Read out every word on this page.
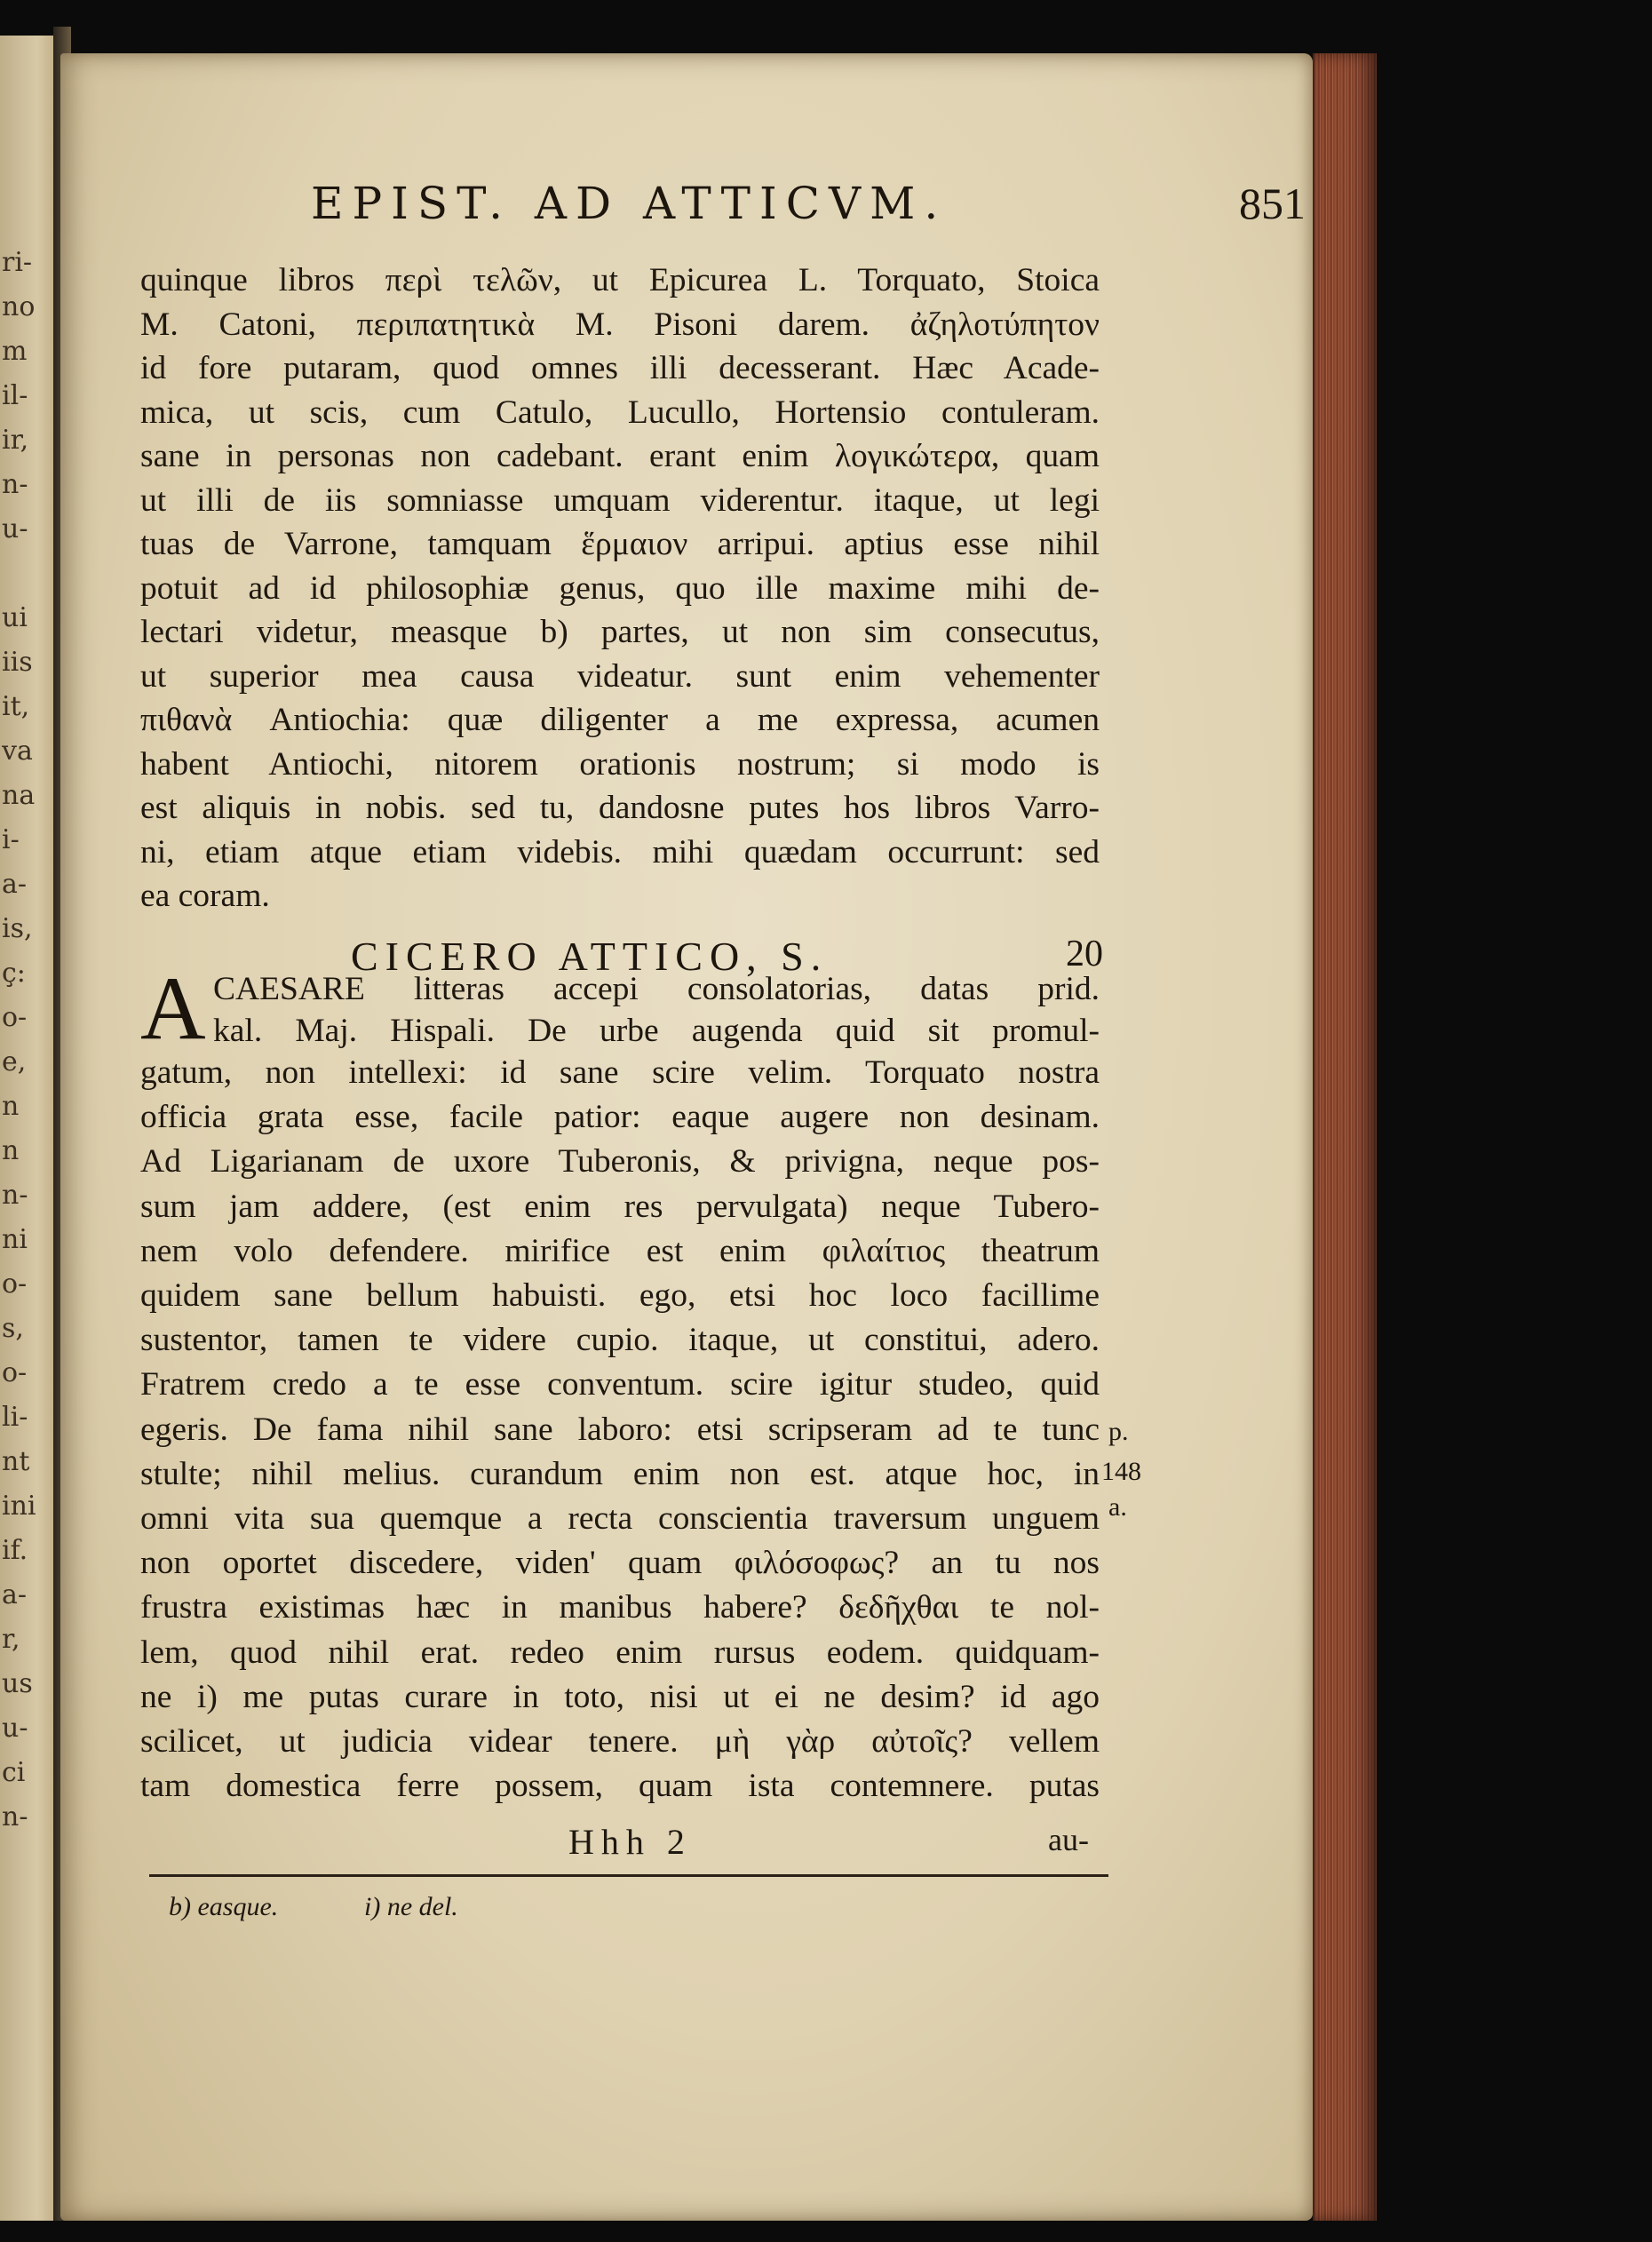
ri-
no
m
il-
ir,
n-
u-
ui
iis
it,
va
na
i-
a-
is,
ç:
o-
e,
n
n
n-
ni
o-
s,
o-
li-
nt
ini
if.
a-
r,
us
u-
ci
n-
EPIST. AD ATTICVM.	851
quinque libros περὶ τελῶν, ut Epicurea L. Torquato, Stoica
M. Catoni, περιπατητικὰ M. Pisoni darem. ἀζηλοτύπητον
id fore putaram, quod omnes illi decesserant. Hæc Acade-
mica, ut scis, cum Catulo, Lucullo, Hortensio contuleram.
sane in personas non cadebant. erant enim λογικώτερα, quam
ut illi de iis somniasse umquam viderentur. itaque, ut legi
tuas de Varrone, tamquam ἕρμαιον arripui. aptius esse nihil
potuit ad id philosophiæ genus, quo ille maxime mihi de-
lectari videtur, measque b) partes, ut non sim consecutus,
ut superior mea causa videatur. sunt enim vehementer
πιθανὰ Antiochia: quæ diligenter a me expressa, acumen
habent Antiochi, nitorem orationis nostrum; si modo is
est aliquis in nobis. sed tu, dandosne putes hos libros Varro-
ni, etiam atque etiam videbis. mihi quædam occurrunt: sed
ea coram.
CICERO ATTICO, S.	20
A CAESARE litteras accepi consolatorias, datas prid.
kal. Maj. Hispali. De urbe augenda quid sit promul-
gatum, non intellexi: id sane scire velim. Torquato nostra
officia grata esse, facile patior: eaque augere non desinam.
Ad Ligarianam de uxore Tuberonis, & privigna, neque pos-
sum jam addere, (est enim res pervulgata) neque Tubero-
nem volo defendere. mirifice est enim φιλαίτιος theatrum
quidem sane bellum habuisti. ego, etsi hoc loco facillime
sustentor, tamen te videre cupio. itaque, ut constitui, adero.
Fratrem credo a te esse conventum. scire igitur studeo, quid
egeris. De fama nihil sane laboro: etsi scripseram ad te tunc
stulte; nihil melius. curandum enim non est. atque hoc, in
omni vita sua quemque a recta conscientia traversum unguem
non oportet discedere, viden' quam φιλόσοφως? an tu nos
frustra existimas hæc in manibus habere? δεδῆχθαι te nol-
lem, quod nihil erat. redeo enim rursus eodem. quidquam-
ne i) me putas curare in toto, nisi ut ei ne desim? id ago
scilicet, ut judicia videar tenere. μὴ γὰρ αὐτοῖς? vellem
tam domestica ferre possem, quam ista contemnere. putas
p.
148
a.
Hhh 2	au-
b) easque.	i) ne del.
